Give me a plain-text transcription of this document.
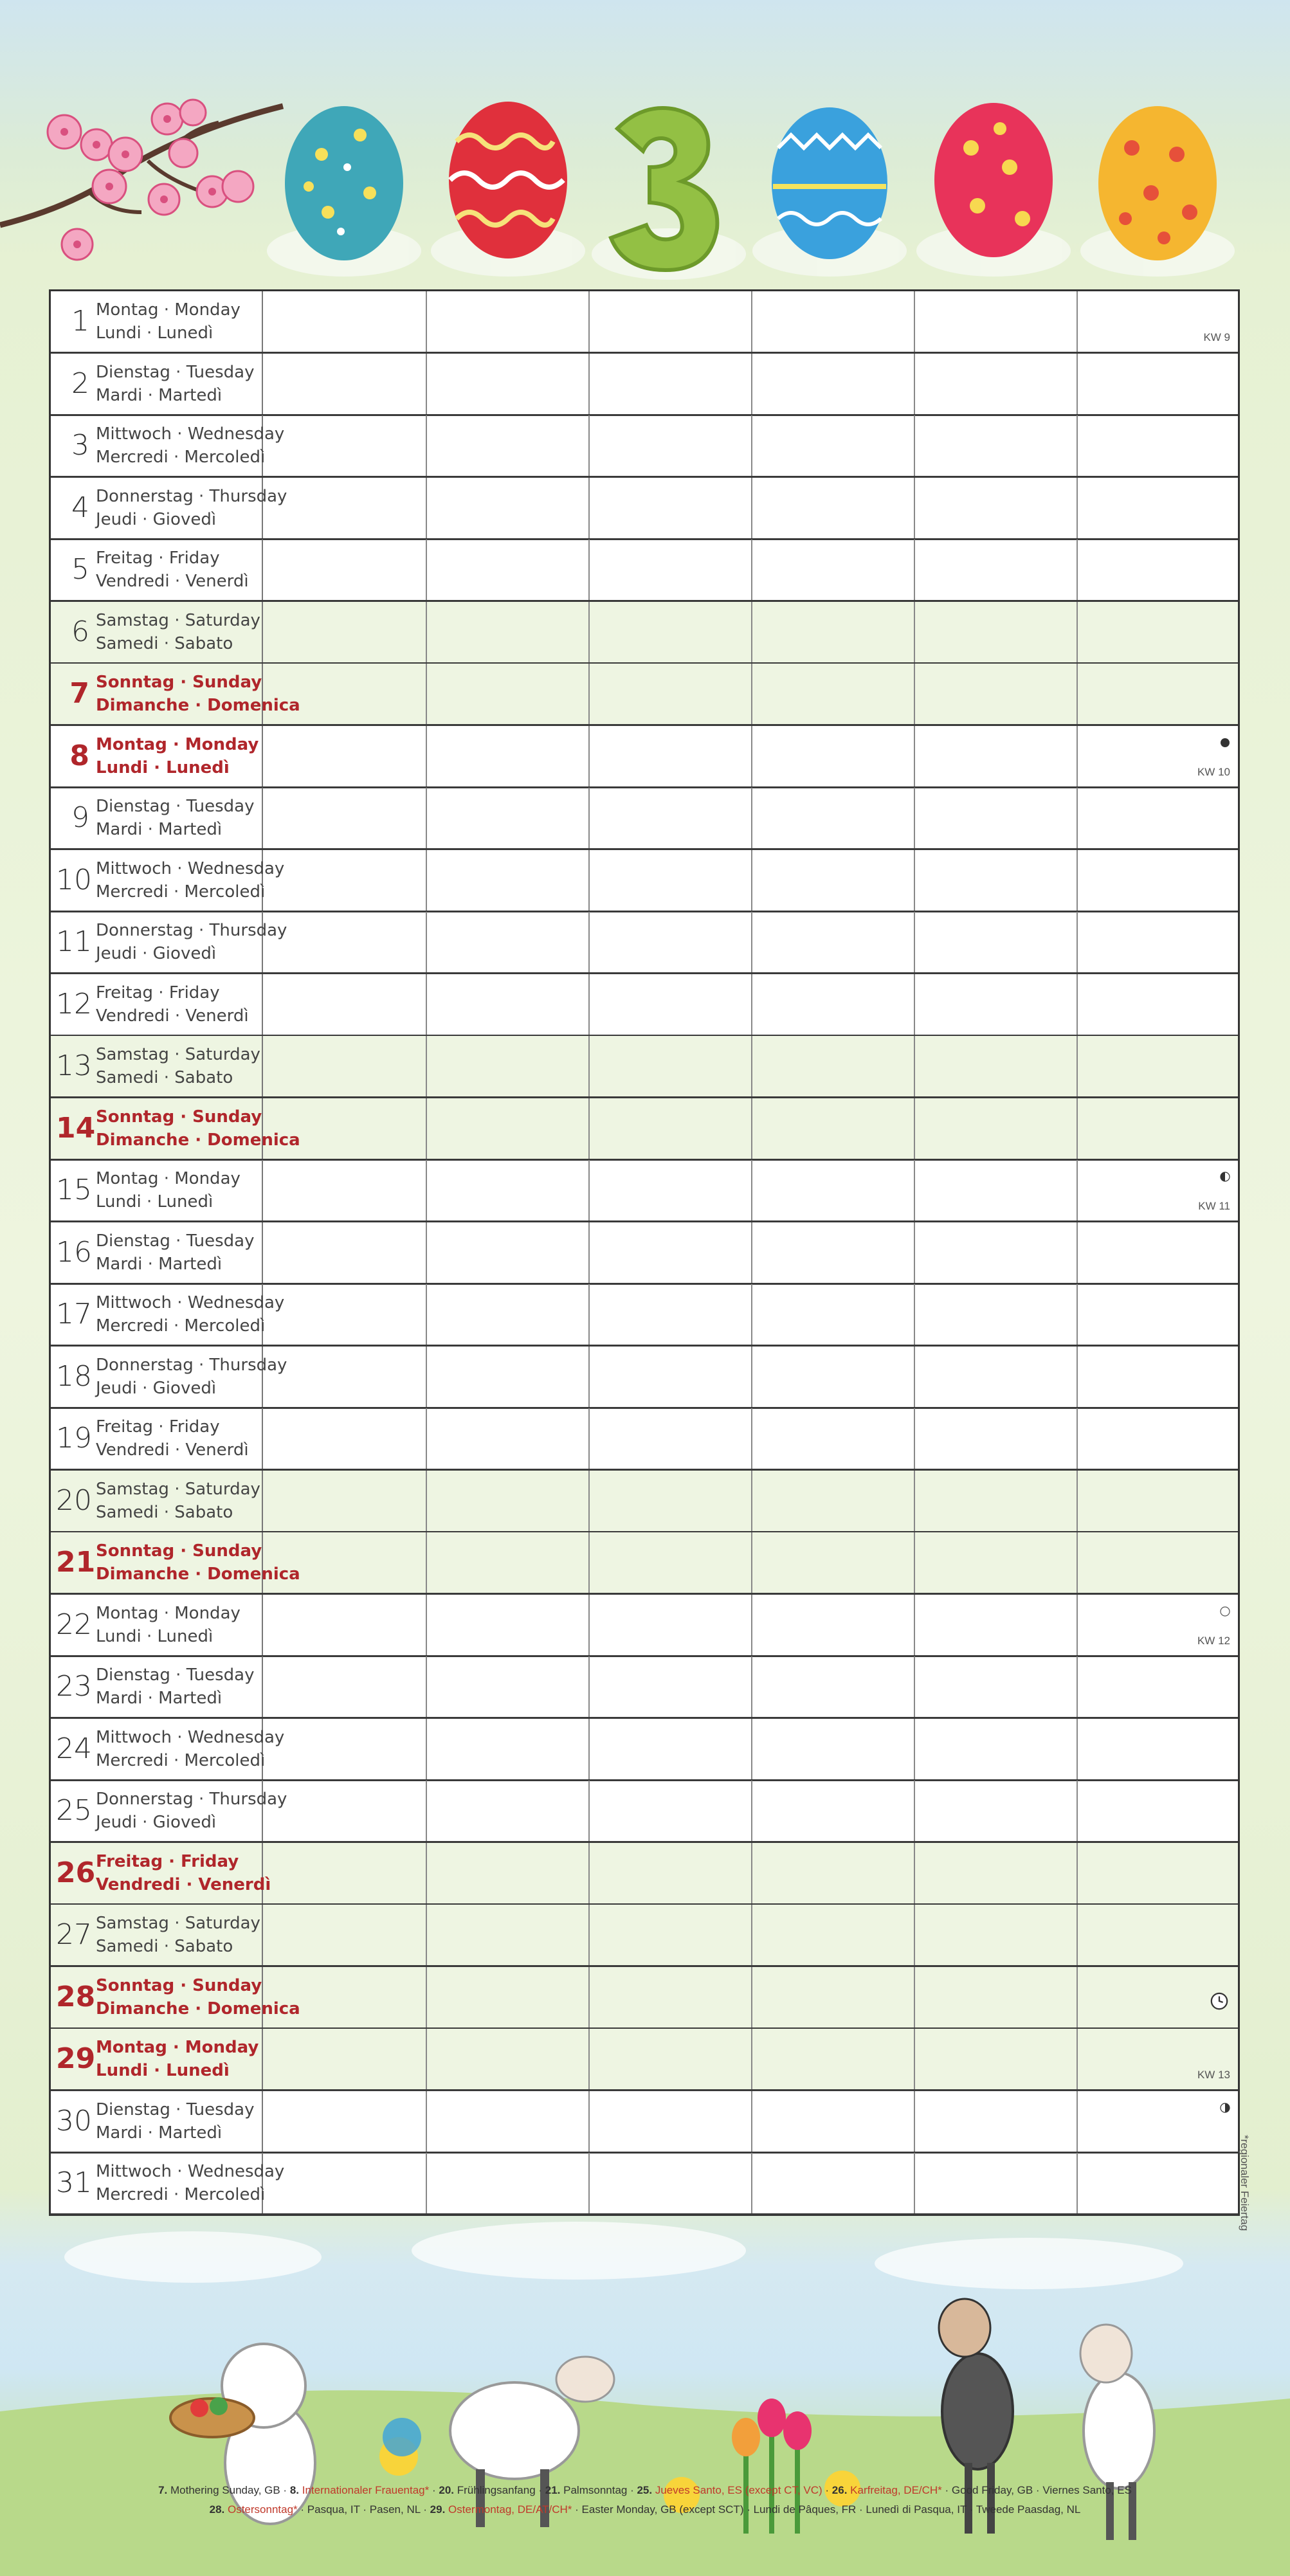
1 Montag · Monday
Lundi · Lunedì	KW 9
2 Dienstag · Tuesday
Mardi · Martedì
3 Mittwoch · Wednesday
Mercredi · Mercoledì
4 Donnerstag · Thursday
Jeudi · Giovedì
5 Freitag · Friday
Vendredi · Venerdì
6 Samstag · Saturday
Samedi · Sabato
7 Sonntag · Sunday
Dimanche · Domenica
8 Montag · Monday
Lundi · Lunedì	KW 10
9 Dienstag · Tuesday
Mardi · Martedì
10 Mittwoch · Wednesday
Mercredi · Mercoledì
11 Donnerstag · Thursday
Jeudi · Giovedì
12 Freitag · Friday
Vendredi · Venerdì
13 Samstag · Saturday
Samedi · Sabato
14 Sonntag · Sunday
Dimanche · Domenica
15 Montag · Monday
Lundi · Lunedì	KW 11
16 Dienstag · Tuesday
Mardi · Martedì
17 Mittwoch · Wednesday
Mercredi · Mercoledì
18 Donnerstag · Thursday
Jeudi · Giovedì
19 Freitag · Friday
Vendredi · Venerdì
20 Samstag · Saturday
Samedi · Sabato
21 Sonntag · Sunday
Dimanche · Domenica
22 Montag · Monday
Lundi · Lunedì	KW 12
23 Dienstag · Tuesday
Mardi · Martedì
24 Mittwoch · Wednesday
Mercredi · Mercoledì
25 Donnerstag · Thursday
Jeudi · Giovedì
26 Freitag · Friday
Vendredi · Venerdì
27 Samstag · Saturday
Samedi · Sabato
28 Sonntag · Sunday
Dimanche · Domenica
29 Montag · Monday
Lundi · Lunedì	KW 13
30 Dienstag · Tuesday
Mardi · Martedì
31 Mittwoch · Wednesday
Mercredi · Mercoledì	*regionaler Feiertag
7. Mothering Sunday, GB · 8. Internationaler Frauentag* · 20. Frühlingsanfang · 21. Palmsonntag · 25. Jueves Santo, ES (except CT, VC) · 26. Karfreitag, DE/CH* · Good Friday, GB · Viernes Santo, ES
28. Ostersonntag* · Pasqua, IT · Pasen, NL · 29. Ostermontag, DE/AT/CH* · Easter Monday, GB (except SCT) · Lundi de Pâques, FR · Lunedì di Pasqua, IT · Tweede Paasdag, NL
